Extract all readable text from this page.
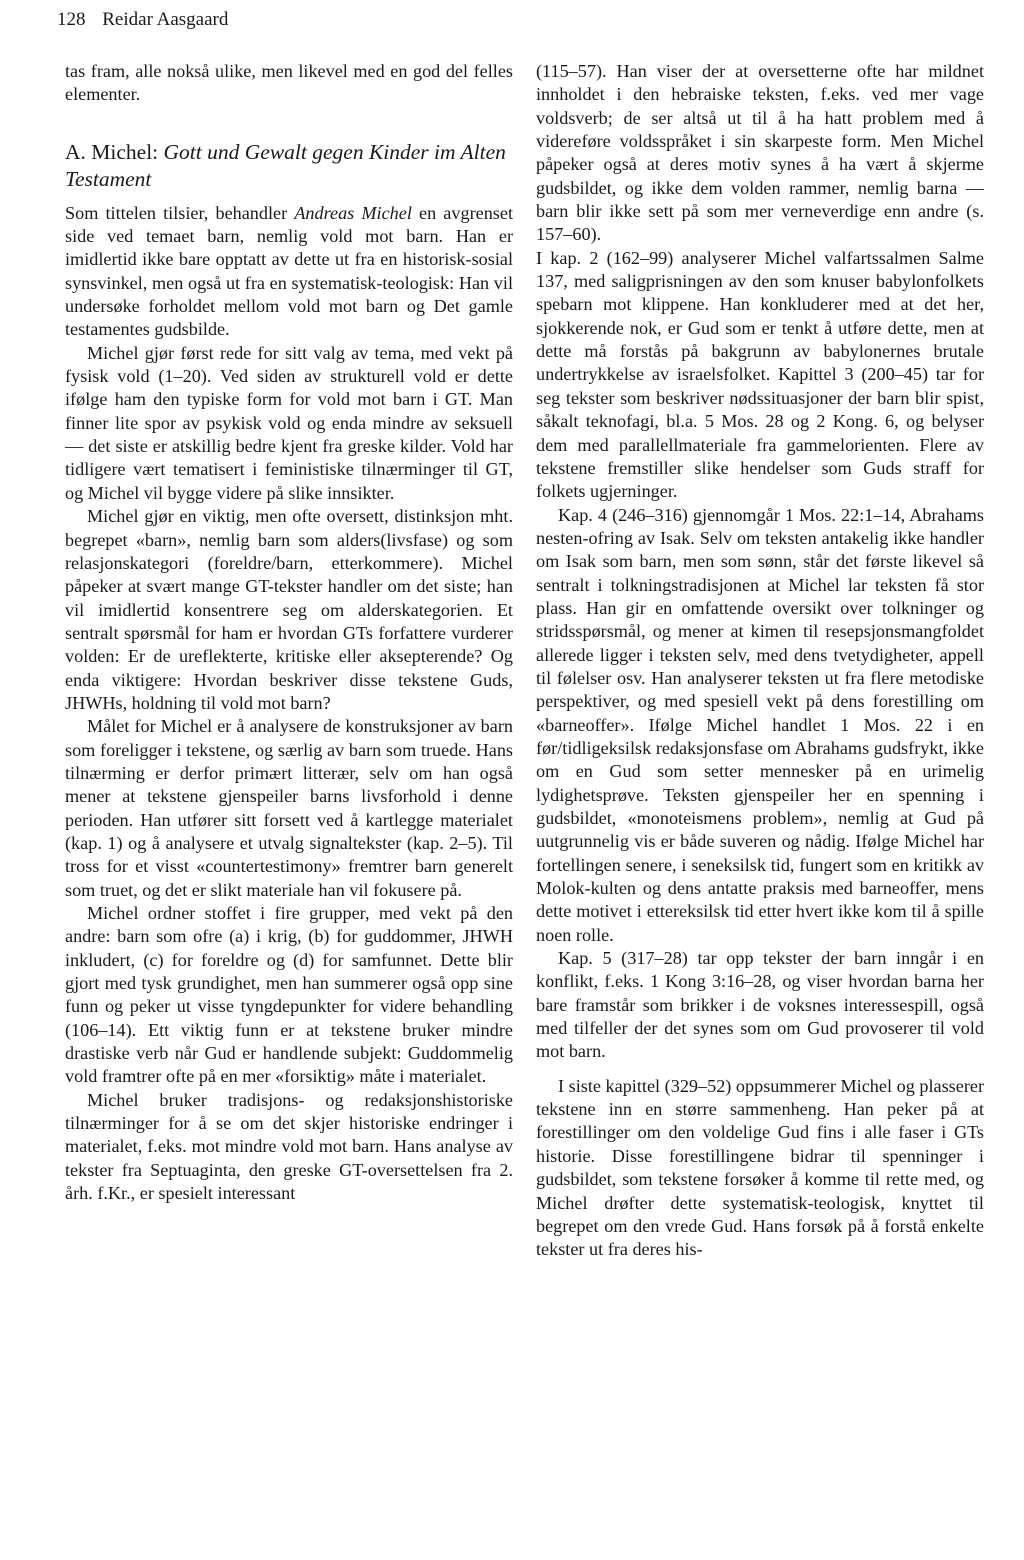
128 Reidar Aasgaard

tas fram, alle nokså ulike, men likevel med en god del felles elementer.

A. Michel: Gott und Gewalt gegen Kinder im Alten Testament

Som tittelen tilsier, behandler Andreas Michel en avgrenset side ved temaet barn, nemlig vold mot barn. Han er imidlertid ikke bare opptatt av dette ut fra en historisk-sosial synsvinkel, men også ut fra en systematisk-teologisk: Han vil undersøke forholdet mellom vold mot barn og Det gamle testamentes gudsbilde.

Michel gjør først rede for sitt valg av tema, med vekt på fysisk vold (1–20). Ved siden av strukturell vold er dette ifølge ham den typiske form for vold mot barn i GT. Man finner lite spor av psykisk vold og enda mindre av seksuell — det siste er atskillig bedre kjent fra greske kilder. Vold har tidligere vært tematisert i feministiske tilnærminger til GT, og Michel vil bygge videre på slike innsikter.

Michel gjør en viktig, men ofte oversett, distinksjon mht. begrepet «barn», nemlig barn som alders(livsfase) og som relasjonskategori (foreldre/barn, etterkommere). Michel påpeker at svært mange GT-tekster handler om det siste; han vil imidlertid konsentrere seg om alderskategorien. Et sentralt spørsmål for ham er hvordan GTs forfattere vurderer volden: Er de ureflekterte, kritiske eller aksepterende? Og enda viktigere: Hvordan beskriver disse tekstene Guds, JHWHs, holdning til vold mot barn?

Målet for Michel er å analysere de konstruksjoner av barn som foreligger i tekstene, og særlig av barn som truede. Hans tilnærming er derfor primært litterær, selv om han også mener at tekstene gjenspeiler barns livsforhold i denne perioden. Han utfører sitt forsett ved å kartlegge materialet (kap. 1) og å analysere et utvalg signaltekster (kap. 2–5). Til tross for et visst «countertestimony» fremtrer barn generelt som truet, og det er slikt materiale han vil fokusere på.

Michel ordner stoffet i fire grupper, med vekt på den andre: barn som ofre (a) i krig, (b) for guddommer, JHWH inkludert, (c) for foreldre og (d) for samfunnet. Dette blir gjort med tysk grundighet, men han summerer også opp sine funn og peker ut visse tyngdepunkter for videre behandling (106–14). Ett viktig funn er at tekstene bruker mindre drastiske verb når Gud er handlende subjekt: Guddommelig vold framtrer ofte på en mer «forsiktig» måte i materialet.

Michel bruker tradisjons- og redaksjonshistoriske tilnærminger for å se om det skjer historiske endringer i materialet, f.eks. mot mindre vold mot barn. Hans analyse av tekster fra Septuaginta, den greske GT-oversettelsen fra 2. årh. f.Kr., er spesielt interessant

(115–57). Han viser der at oversetterne ofte har mildnet innholdet i den hebraiske teksten, f.eks. ved mer vage voldsverb; de ser altså ut til å ha hatt problem med å videreføre voldsspråket i sin skarpeste form. Men Michel påpeker også at deres motiv synes å ha vært å skjerme gudsbildet, og ikke dem volden rammer, nemlig barna — barn blir ikke sett på som mer verneverdige enn andre (s. 157–60).

I kap. 2 (162–99) analyserer Michel valfartssalmen Salme 137, med saligprisningen av den som knuser babylonfolkets spebarn mot klippene. Han konkluderer med at det her, sjokkerende nok, er Gud som er tenkt å utføre dette, men at dette må forstås på bakgrunn av babylonernes brutale undertrykkelse av israelsfolket. Kapittel 3 (200–45) tar for seg tekster som beskriver nødssituasjoner der barn blir spist, såkalt teknofagi, bl.a. 5 Mos. 28 og 2 Kong. 6, og belyser dem med parallellmateriale fra gammelorienten. Flere av tekstene fremstiller slike hendelser som Guds straff for folkets ugjerninger.

Kap. 4 (246–316) gjennomgår 1 Mos. 22:1–14, Abrahams nesten-ofring av Isak. Selv om teksten antakelig ikke handler om Isak som barn, men som sønn, står det første likevel så sentralt i tolkningstradisjonen at Michel lar teksten få stor plass. Han gir en omfattende oversikt over tolkninger og stridsspørsmål, og mener at kimen til resepsjonsmangfoldet allerede ligger i teksten selv, med dens tvetydigheter, appell til følelser osv. Han analyserer teksten ut fra flere metodiske perspektiver, og med spesiell vekt på dens forestilling om «barneoffer». Ifølge Michel handlet 1 Mos. 22 i en før/tidligeksilsk redaksjonsfase om Abrahams gudsfrykt, ikke om en Gud som setter mennesker på en urimelig lydighetsprøve. Teksten gjenspeiler her en spenning i gudsbildet, «monoteismens problem», nemlig at Gud på uutgrunnelig vis er både suveren og nådig. Ifølge Michel har fortellingen senere, i seneksilsk tid, fungert som en kritikk av Molok-kulten og dens antatte praksis med barneoffer, mens dette motivet i ettereksilsk tid etter hvert ikke kom til å spille noen rolle.

Kap. 5 (317–28) tar opp tekster der barn inngår i en konflikt, f.eks. 1 Kong 3:16–28, og viser hvordan barna her bare framstår som brikker i de voksnes interessespill, også med tilfeller der det synes som om Gud provoserer til vold mot barn.

I siste kapittel (329–52) oppsummerer Michel og plasserer tekstene inn en større sammenheng. Han peker på at forestillinger om den voldelige Gud fins i alle faser i GTs historie. Disse forestillingene bidrar til spenninger i gudsbildet, som tekstene forsøker å komme til rette med, og Michel drøfter dette systematisk-teologisk, knyttet til begrepet om den vrede Gud. Hans forsøk på å forstå enkelte tekster ut fra deres his-
